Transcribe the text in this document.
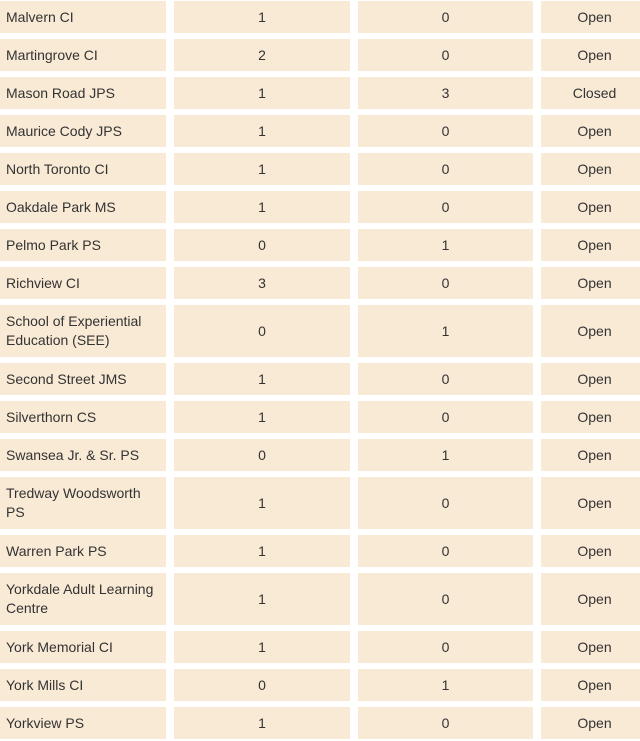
Malvern CI	1	0	Open
Martingrove CI	2	0	Open
Mason Road JPS	1	3	Closed
Maurice Cody JPS	1	0	Open
North Toronto CI	1	0	Open
Oakdale Park MS	1	0	Open
Pelmo Park PS	0	1	Open
Richview CI	3	0	Open
School of Experiential Education (SEE)	0	1	Open
Second Street JMS	1	0	Open
Silverthorn CS	1	0	Open
Swansea Jr. & Sr. PS	0	1	Open
Tredway Woodsworth PS	1	0	Open
Warren Park PS	1	0	Open
Yorkdale Adult Learning Centre	1	0	Open
York Memorial CI	1	0	Open
York Mills CI	0	1	Open
Yorkview PS	1	0	Open
